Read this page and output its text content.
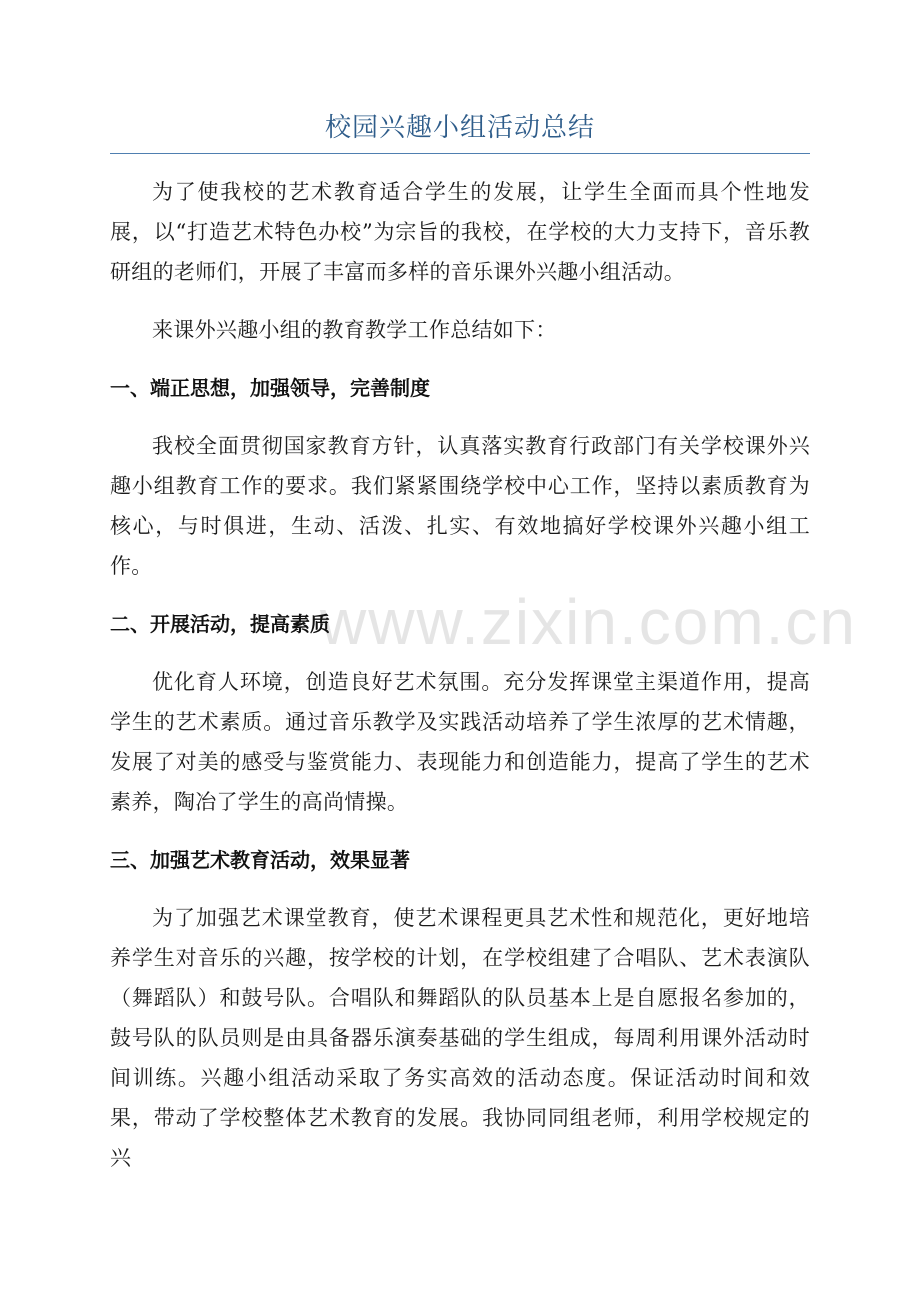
校园兴趣小组活动总结
www.zixin.com.cn

为了使我校的艺术教育适合学生的发展，让学生全面而具个性地发展，以“打造艺术特色办校”为宗旨的我校，在学校的大力支持下，音乐教研组的老师们，开展了丰富而多样的音乐课外兴趣小组活动。

来课外兴趣小组的教育教学工作总结如下：

一、端正思想，加强领导，完善制度

我校全面贯彻国家教育方针，认真落实教育行政部门有关学校课外兴趣小组教育工作的要求。我们紧紧围绕学校中心工作，坚持以素质教育为核心，与时俱进，生动、活泼、扎实、有效地搞好学校课外兴趣小组工作。

二、开展活动，提高素质

优化育人环境，创造良好艺术氛围。充分发挥课堂主渠道作用，提高学生的艺术素质。通过音乐教学及实践活动培养了学生浓厚的艺术情趣，发展了对美的感受与鉴赏能力、表现能力和创造能力，提高了学生的艺术素养，陶冶了学生的高尚情操。

三、加强艺术教育活动，效果显著

为了加强艺术课堂教育，使艺术课程更具艺术性和规范化，更好地培养学生对音乐的兴趣，按学校的计划，在学校组建了合唱队、艺术表演队（舞蹈队）和鼓号队。合唱队和舞蹈队的队员基本上是自愿报名参加的，鼓号队的队员则是由具备器乐演奏基础的学生组成，每周利用课外活动时间训练。兴趣小组活动采取了务实高效的活动态度。保证活动时间和效果，带动了学校整体艺术教育的发展。我协同同组老师，利用学校规定的兴
